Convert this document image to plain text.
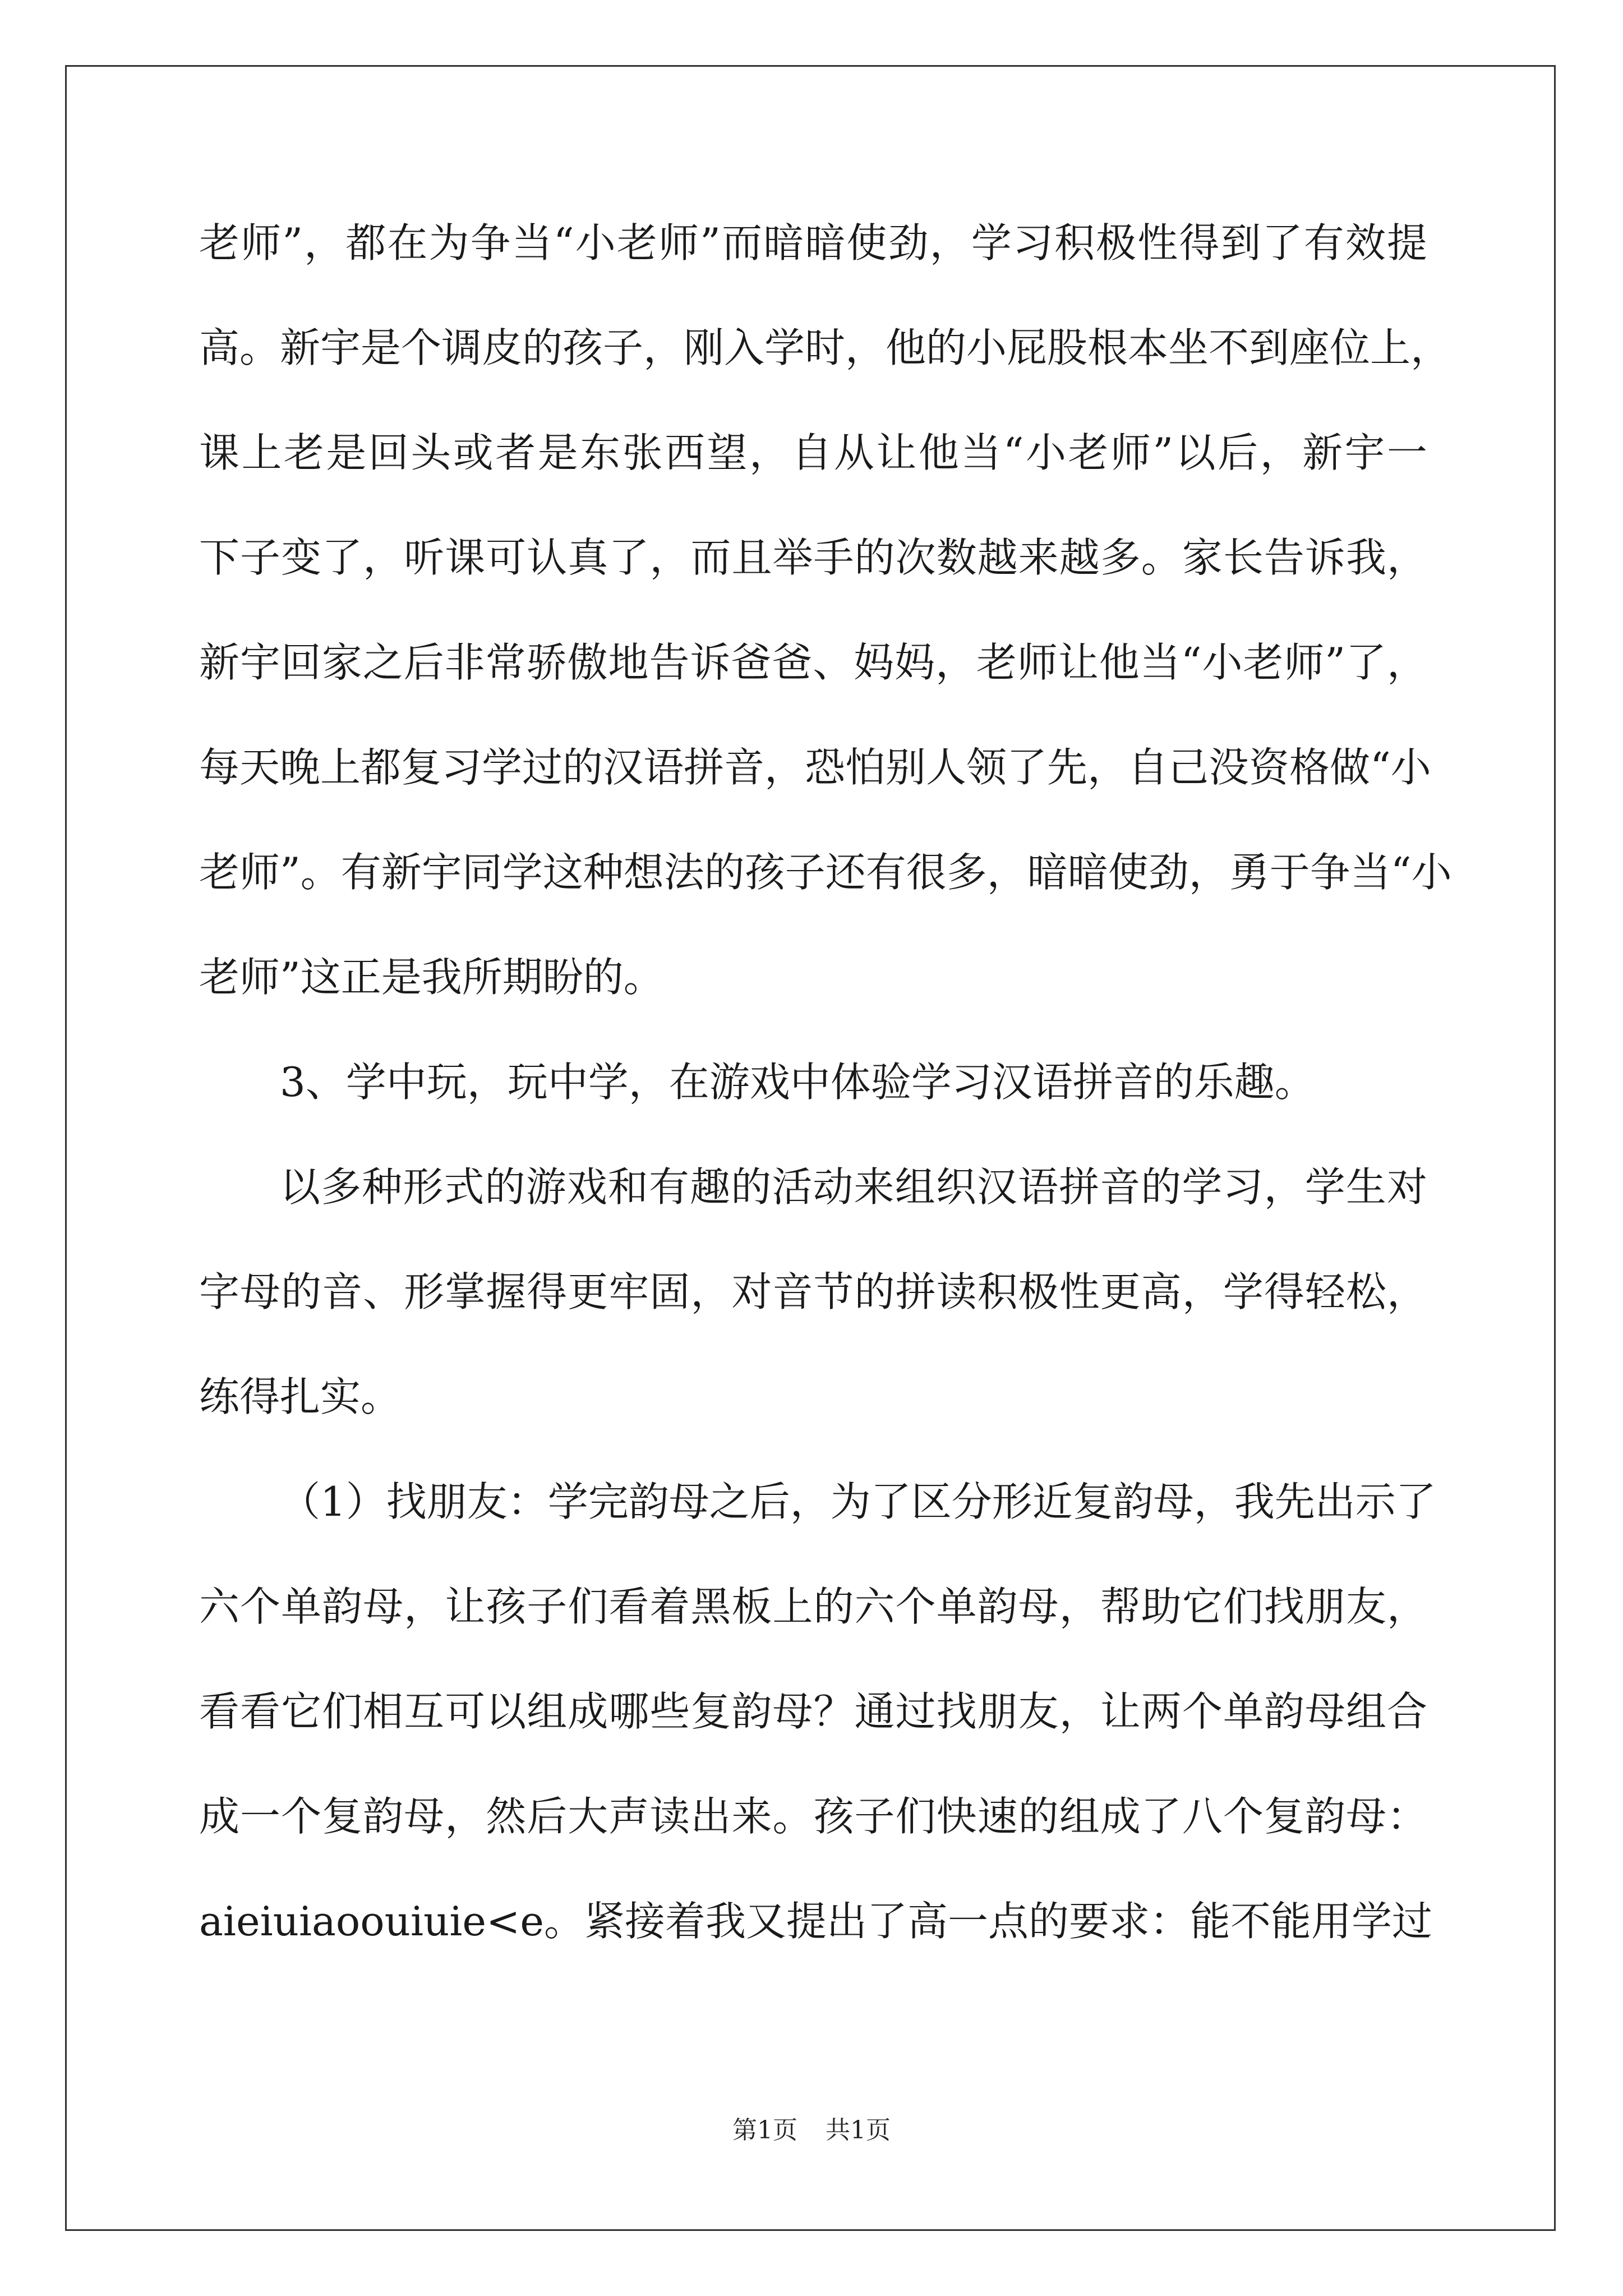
老师”，都在为争当“小老师”而暗暗使劲，学习积极性得到了有效提
高。新宇是个调皮的孩子，刚入学时，他的小屁股根本坐不到座位上，
课上老是回头或者是东张西望，自从让他当“小老师”以后，新宇一
下子变了，听课可认真了，而且举手的次数越来越多。家长告诉我，
新宇回家之后非常骄傲地告诉爸爸、妈妈，老师让他当“小老师”了，
每天晚上都复习学过的汉语拼音，恐怕别人领了先，自己没资格做“小
老师”。有新宇同学这种想法的孩子还有很多，暗暗使劲，勇于争当“小
老师”这正是我所期盼的。
3、学中玩，玩中学，在游戏中体验学习汉语拼音的乐趣。
以多种形式的游戏和有趣的活动来组织汉语拼音的学习，学生对
字母的音、形掌握得更牢固，对音节的拼读积极性更高，学得轻松，
练得扎实。
（1）找朋友：学完韵母之后，为了区分形近复韵母，我先出示了
六个单韵母，让孩子们看着黑板上的六个单韵母，帮助它们找朋友，
看看它们相互可以组成哪些复韵母？通过找朋友，让两个单韵母组合
成一个复韵母，然后大声读出来。孩子们快速的组成了八个复韵母：
aieiuiaoouiuie<e。紧接着我又提出了高一点的要求：能不能用学过
第1页 共1页
